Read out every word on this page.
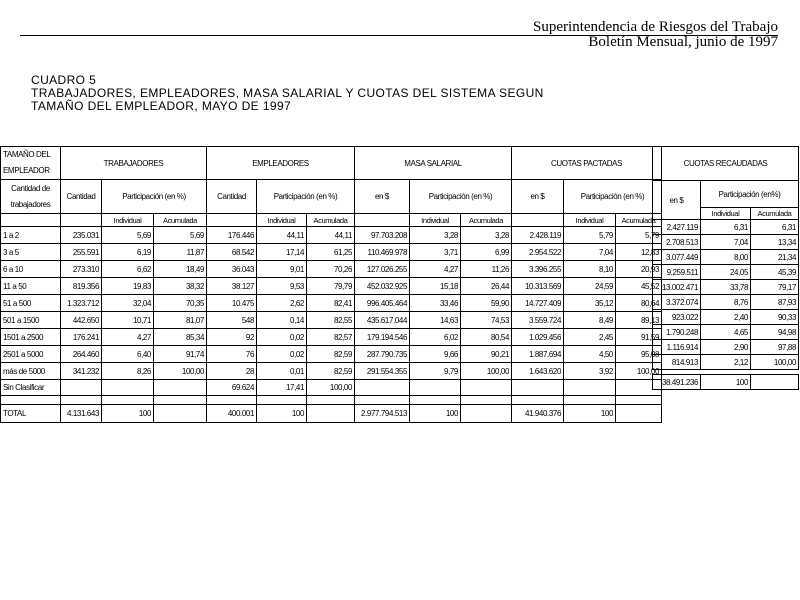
Superintendencia de Riesgos del Trabajo
Boletín Mensual, junio de 1997
CUADRO 5
TRABAJADORES, EMPLEADORES, MASA SALARIAL Y CUOTAS DEL SISTEMA SEGUN
TAMAÑO DEL EMPLEADOR, MAYO DE 1997
TAMAÑO DEL	TRABAJADORES			EMPLEADORES			MASA SALARIAL			CUOTAS PACTADAS		
EMPLEADOR												
Cantidad de	Cantidad	Participación (en %)		Cantidad	Participación (en %)		en $	Participación (en %)		en $	Participación (en %)	
trabajadores												
		Individual	Acumulada		Individual	Acumulada		Individual	Acumulada		Individual	Acumulada
1 a 2	235.031	5,69	5,69	176.446	44,11	44,11	97.703.208	3,28	3,28	2.428.119	5,79	5,79
3 a 5	255.591	6,19	11,87	68.542	17,14	61,25	110.469.978	3,71	6,99	2.954.522	7,04	12,83
6 a 10	273.310	6,62	18,49	36.043	9,01	70,26	127.026.255	4,27	11,26	3.396.255	8,10	20,93
11 a 50	819.356	19,83	38,32	38.127	9,53	79,79	452.032.925	15,18	26,44	10.313.569	24,59	45,52
51 a 500	1.323.712	32,04	70,35	10.475	2,62	82,41	996.405.464	33,46	59,90	14.727.409	35,12	80,64
501 a 1500	442.650	10,71	81,07	548	0,14	82,55	435.617.044	14,63	74,53	3.559.724	8,49	89,13
1501 a 2500	176.241	4,27	85,34	92	0,02	82,57	179.194.546	6,02	80,54	1.029.456	2,45	91,59
2501 a 5000	264.460	6,40	91,74	76	0,02	82,59	287.790.735	9,66	90,21	1.887.694	4,50	95,08
más de 5000	341.232	8,26	100,00	28	0,01	82,59	291.554.355	9,79	100,00	1.643.620	3,92	100,00
Sin Clasificar				69.624	17,41	100,00						

TOTAL	4.131.643	100		400.001	100		2.977.794.513	100		41.940.376	100	
CUOTAS RECAUDADAS		
en $	Participación (en%)	
	Individual	Acumulada
2.427.119	6,31	6,31
2.708.513	7,04	13,34
3.077.449	8,00	21,34
9.259.511	24,05	45,39
13.002.471	33,78	79,17
3.372.074	8,76	87,93
923.022	2,40	90,33
1.790.248	4,65	94,98
1.116.914	2,90	97,88
814.913	2,12	100,00

38.491.236	100	
